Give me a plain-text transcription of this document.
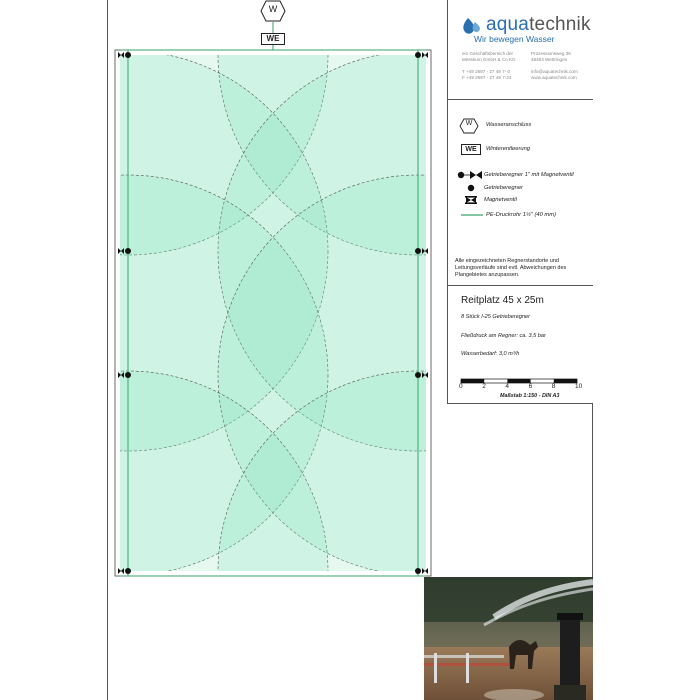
W
WE
aquatechnik
Wir bewegen Wasser
ein Geschäftsbereich der
Messkum GmbH & Co.KG

T +49 2597 - 27 49 7- 0
F +49 2597 - 27 49 7-23
Prozessionsweg 38
48493 Wettringen

info@aquatechnik.com
www.aquatechnik.com
W	Wasseranschluss
WE	Winterentleerung
Getrieberegner 1" mit Magnetventil
Getrieberegner
Magnetventil
PE-Druckrohr 1½" (40 mm)
Alle eingezeichneten Regnerstandorte und Leitungsverläufe sind evtl. Abweichungen des Plangebietes anzupassen.
Reitplatz 45 x 25m
8 Stück I-25 Getrieberegner
Fließdruck am Regner: ca. 3,5 bar
Wasserbedarf: 3,0 m³/h
0	2	4	6	8	10
Maßstab 1:150 - DIN A3
